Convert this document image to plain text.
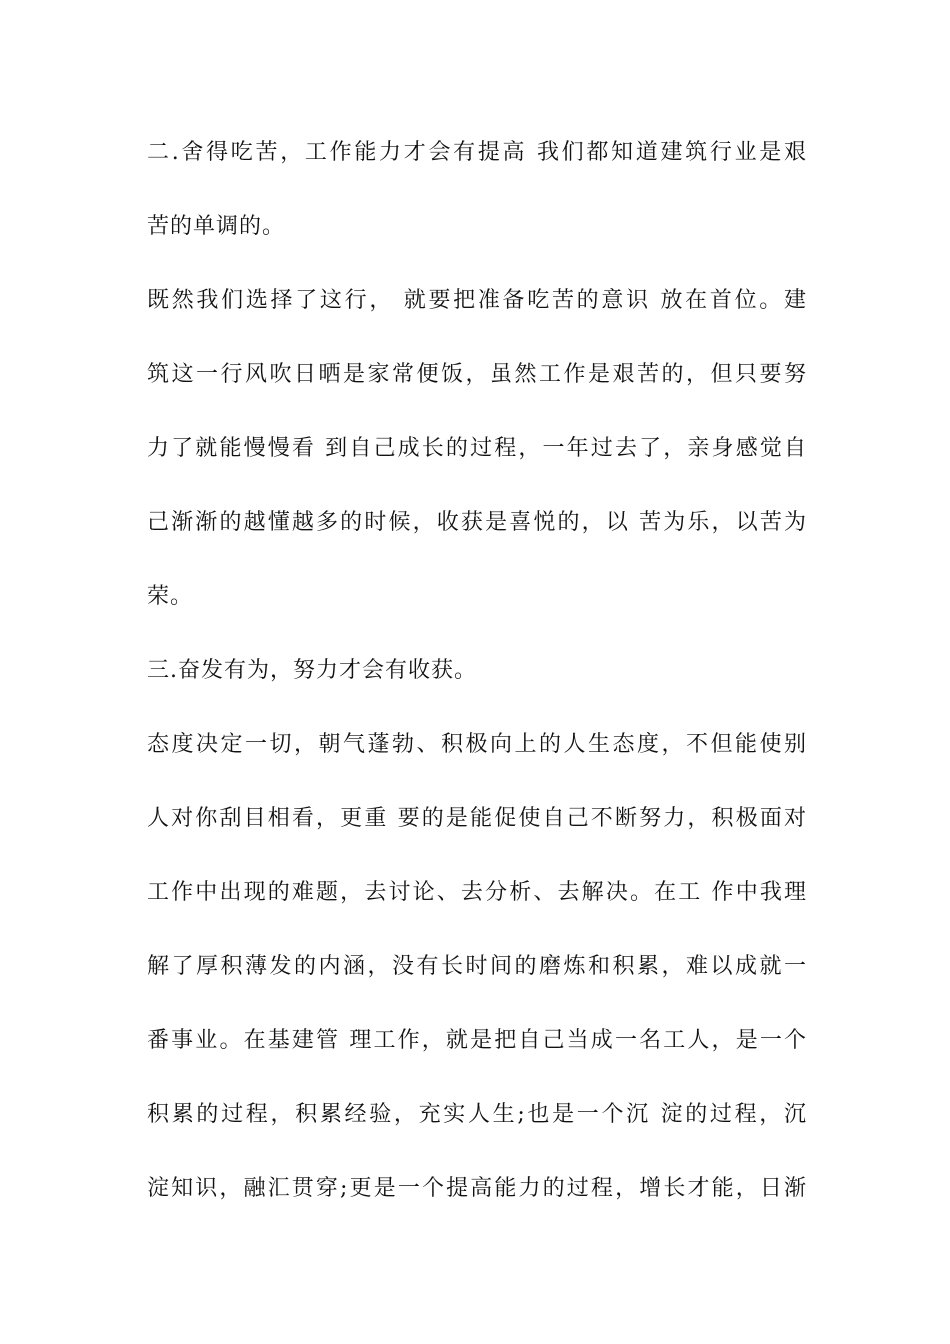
二.舍得吃苦，工作能力才会有提高 我们都知道建筑行业是艰
苦的单调的。
既然我们选择了这行， 就要把准备吃苦的意识 放在首位。建
筑这一行风吹日晒是家常便饭，虽然工作是艰苦的，但只要努
力了就能慢慢看 到自己成长的过程，一年过去了，亲身感觉自
己渐渐的越懂越多的时候，收获是喜悦的，以 苦为乐，以苦为
荣。
三.奋发有为，努力才会有收获。
态度决定一切，朝气蓬勃、积极向上的人生态度，不但能使别
人对你刮目相看，更重 要的是能促使自己不断努力，积极面对
工作中出现的难题，去讨论、去分析、去解决。在工 作中我理
解了厚积薄发的内涵，没有长时间的磨炼和积累，难以成就一
番事业。在基建管 理工作，就是把自己当成一名工人，是一个
积累的过程，积累经验，充实人生;也是一个沉 淀的过程，沉
淀知识，融汇贯穿;更是一个提高能力的过程，增长才能，日渐
